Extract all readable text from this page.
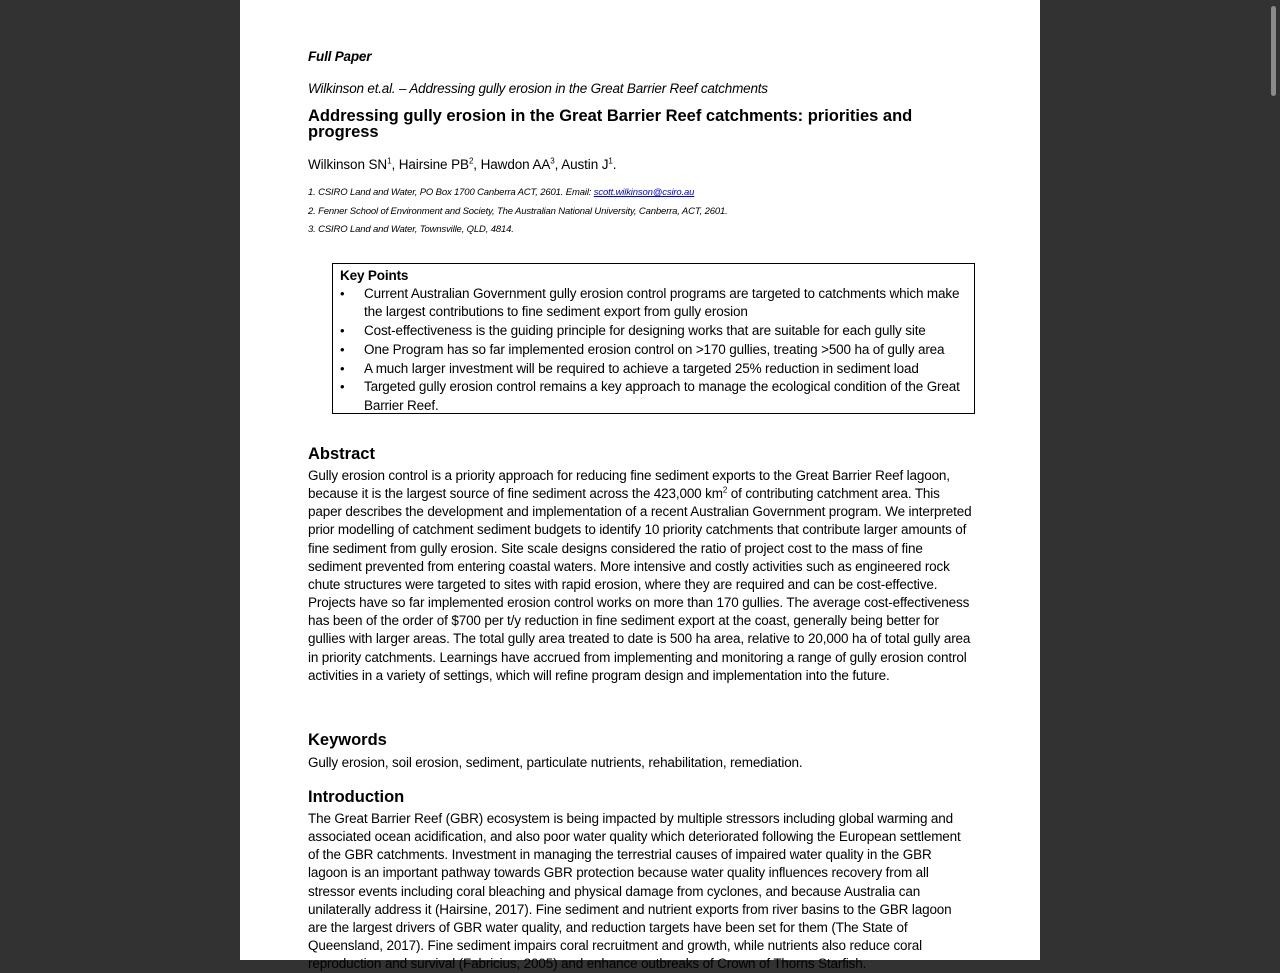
Full Paper
Wilkinson et.al. – Addressing gully erosion in the Great Barrier Reef catchments
Addressing gully erosion in the Great Barrier Reef catchments: priorities and progress
Wilkinson $SN^1$, Hairsine $PB^2$, Hawdon $AA^3$, Austin $J^1$.
1. CSIRO Land and Water, PO Box 1700 Canberra ACT, 2601. Email: scott.wilkinson@csiro.au
2. Fenner School of Environment and Society, The Australian National University, Canberra, ACT, 2601.
3. CSIRO Land and Water, Townsville, QLD, 4814.
Key Points
• Current Australian Government gully erosion control programs are targeted to catchments which make the largest contributions to fine sediment export from gully erosion
• Cost-effectiveness is the guiding principle for designing works that are suitable for each gully site
• One Program has so far implemented erosion control on >170 gullies, treating >500 ha of gully area
• A much larger investment will be required to achieve a targeted 25% reduction in sediment load
• Targeted gully erosion control remains a key approach to manage the ecological condition of the Great Barrier Reef.
Abstract

Gully erosion control is a priority approach for reducing fine sediment exports to the Great Barrier Reef lagoon, because it is the largest source of fine sediment across the 423,000 $km^2$ of contributing catchment area. This paper describes the development and implementation of a recent Australian Government program. We interpreted prior modelling of catchment sediment budgets to identify 10 priority catchments that contribute larger amounts of fine sediment from gully erosion. Site scale designs considered the ratio of project cost to the mass of fine sediment prevented from entering coastal waters. More intensive and costly activities such as engineered rock chute structures were targeted to sites with rapid erosion, where they are required and can be cost-effective. Projects have so far implemented erosion control works on more than 170 gullies. The average cost-effectiveness has been of the order of $700 per t/y reduction in fine sediment export at the coast, generally being better for gullies with larger areas. The total gully area treated to date is 500 ha area, relative to 20,000 ha of total gully area in priority catchments. Learnings have accrued from implementing and monitoring a range of gully erosion control activities in a variety of settings, which will refine program design and implementation into the future.

Keywords

Gully erosion, soil erosion, sediment, particulate nutrients, rehabilitation, remediation.

Introduction

The Great Barrier Reef (GBR) ecosystem is being impacted by multiple stressors including global warming and associated ocean acidification, and also poor water quality which deteriorated following the European settlement of the GBR catchments. Investment in managing the terrestrial causes of impaired water quality in the GBR lagoon is an important pathway towards GBR protection because water quality influences recovery from all stressor events including coral bleaching and physical damage from cyclones, and because Australia can unilaterally address it (Hairsine, 2017). Fine sediment and nutrient exports from river basins to the GBR lagoon are the largest drivers of GBR water quality, and reduction targets have been set for them (The State of Queensland, 2017). Fine sediment impairs coral recruitment and growth, while nutrients also reduce coral reproduction and survival (Fabricius, 2005) and enhance outbreaks of Crown of Thorns Starfish.
